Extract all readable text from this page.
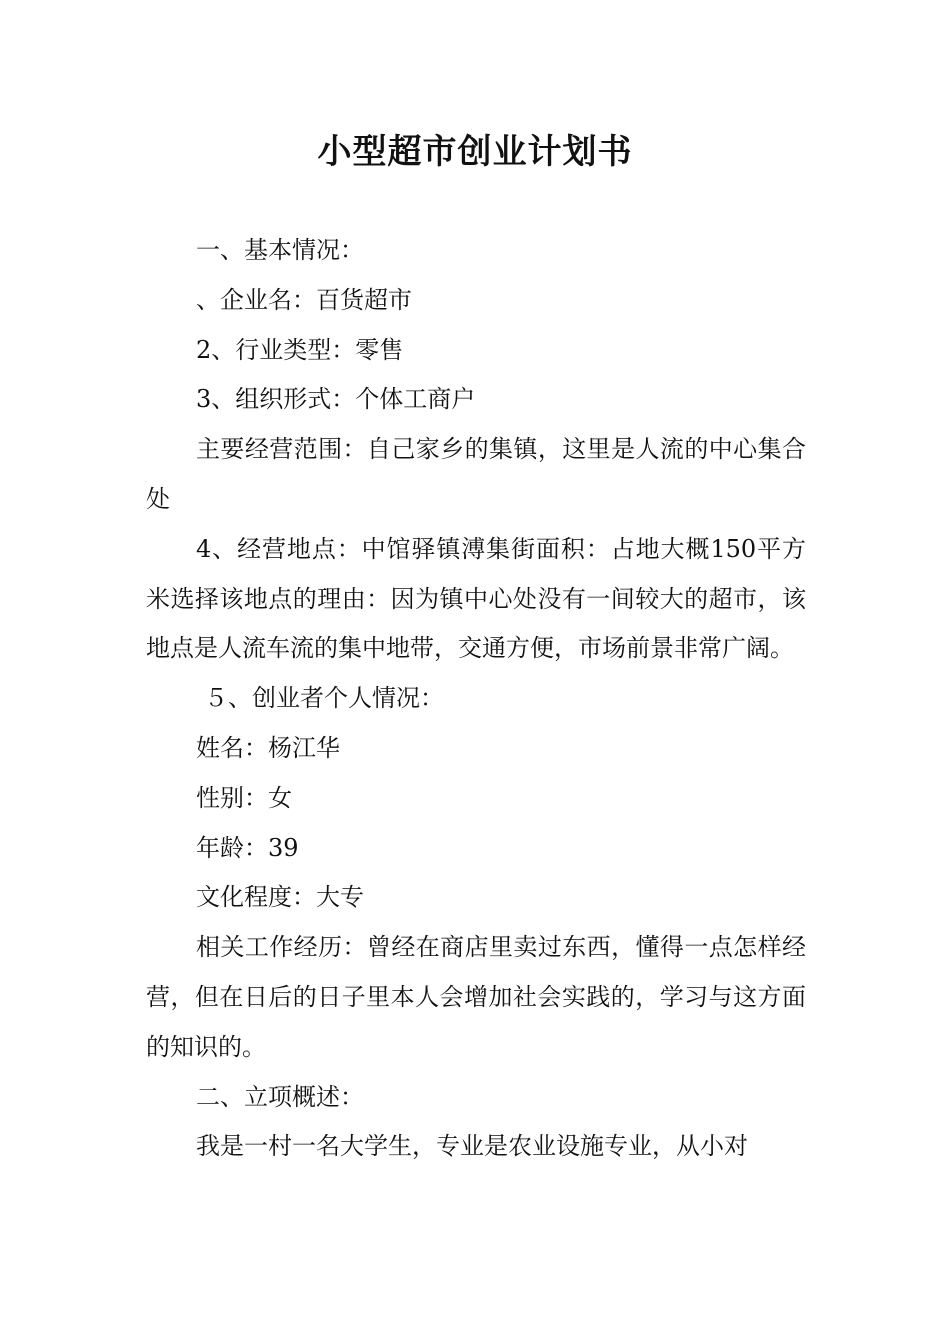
小型超市创业计划书

一、基本情况：

、企业名：百货超市

2、行业类型：零售

3、组织形式：个体工商户

主要经营范围：自己家乡的集镇，这里是人流的中心集合处

4、经营地点：中馆驿镇溥集街面积：占地大概150平方米选择该地点的理由：因为镇中心处没有一间较大的超市，该地点是人流车流的集中地带，交通方便，市场前景非常广阔。

５、创业者个人情况：

姓名：杨江华

性别：女

年龄：39

文化程度：大专

相关工作经历：曾经在商店里卖过东西，懂得一点怎样经营，但在日后的日子里本人会增加社会实践的，学习与这方面的知识的。

二、立项概述：

我是一村一名大学生，专业是农业设施专业，从小对
